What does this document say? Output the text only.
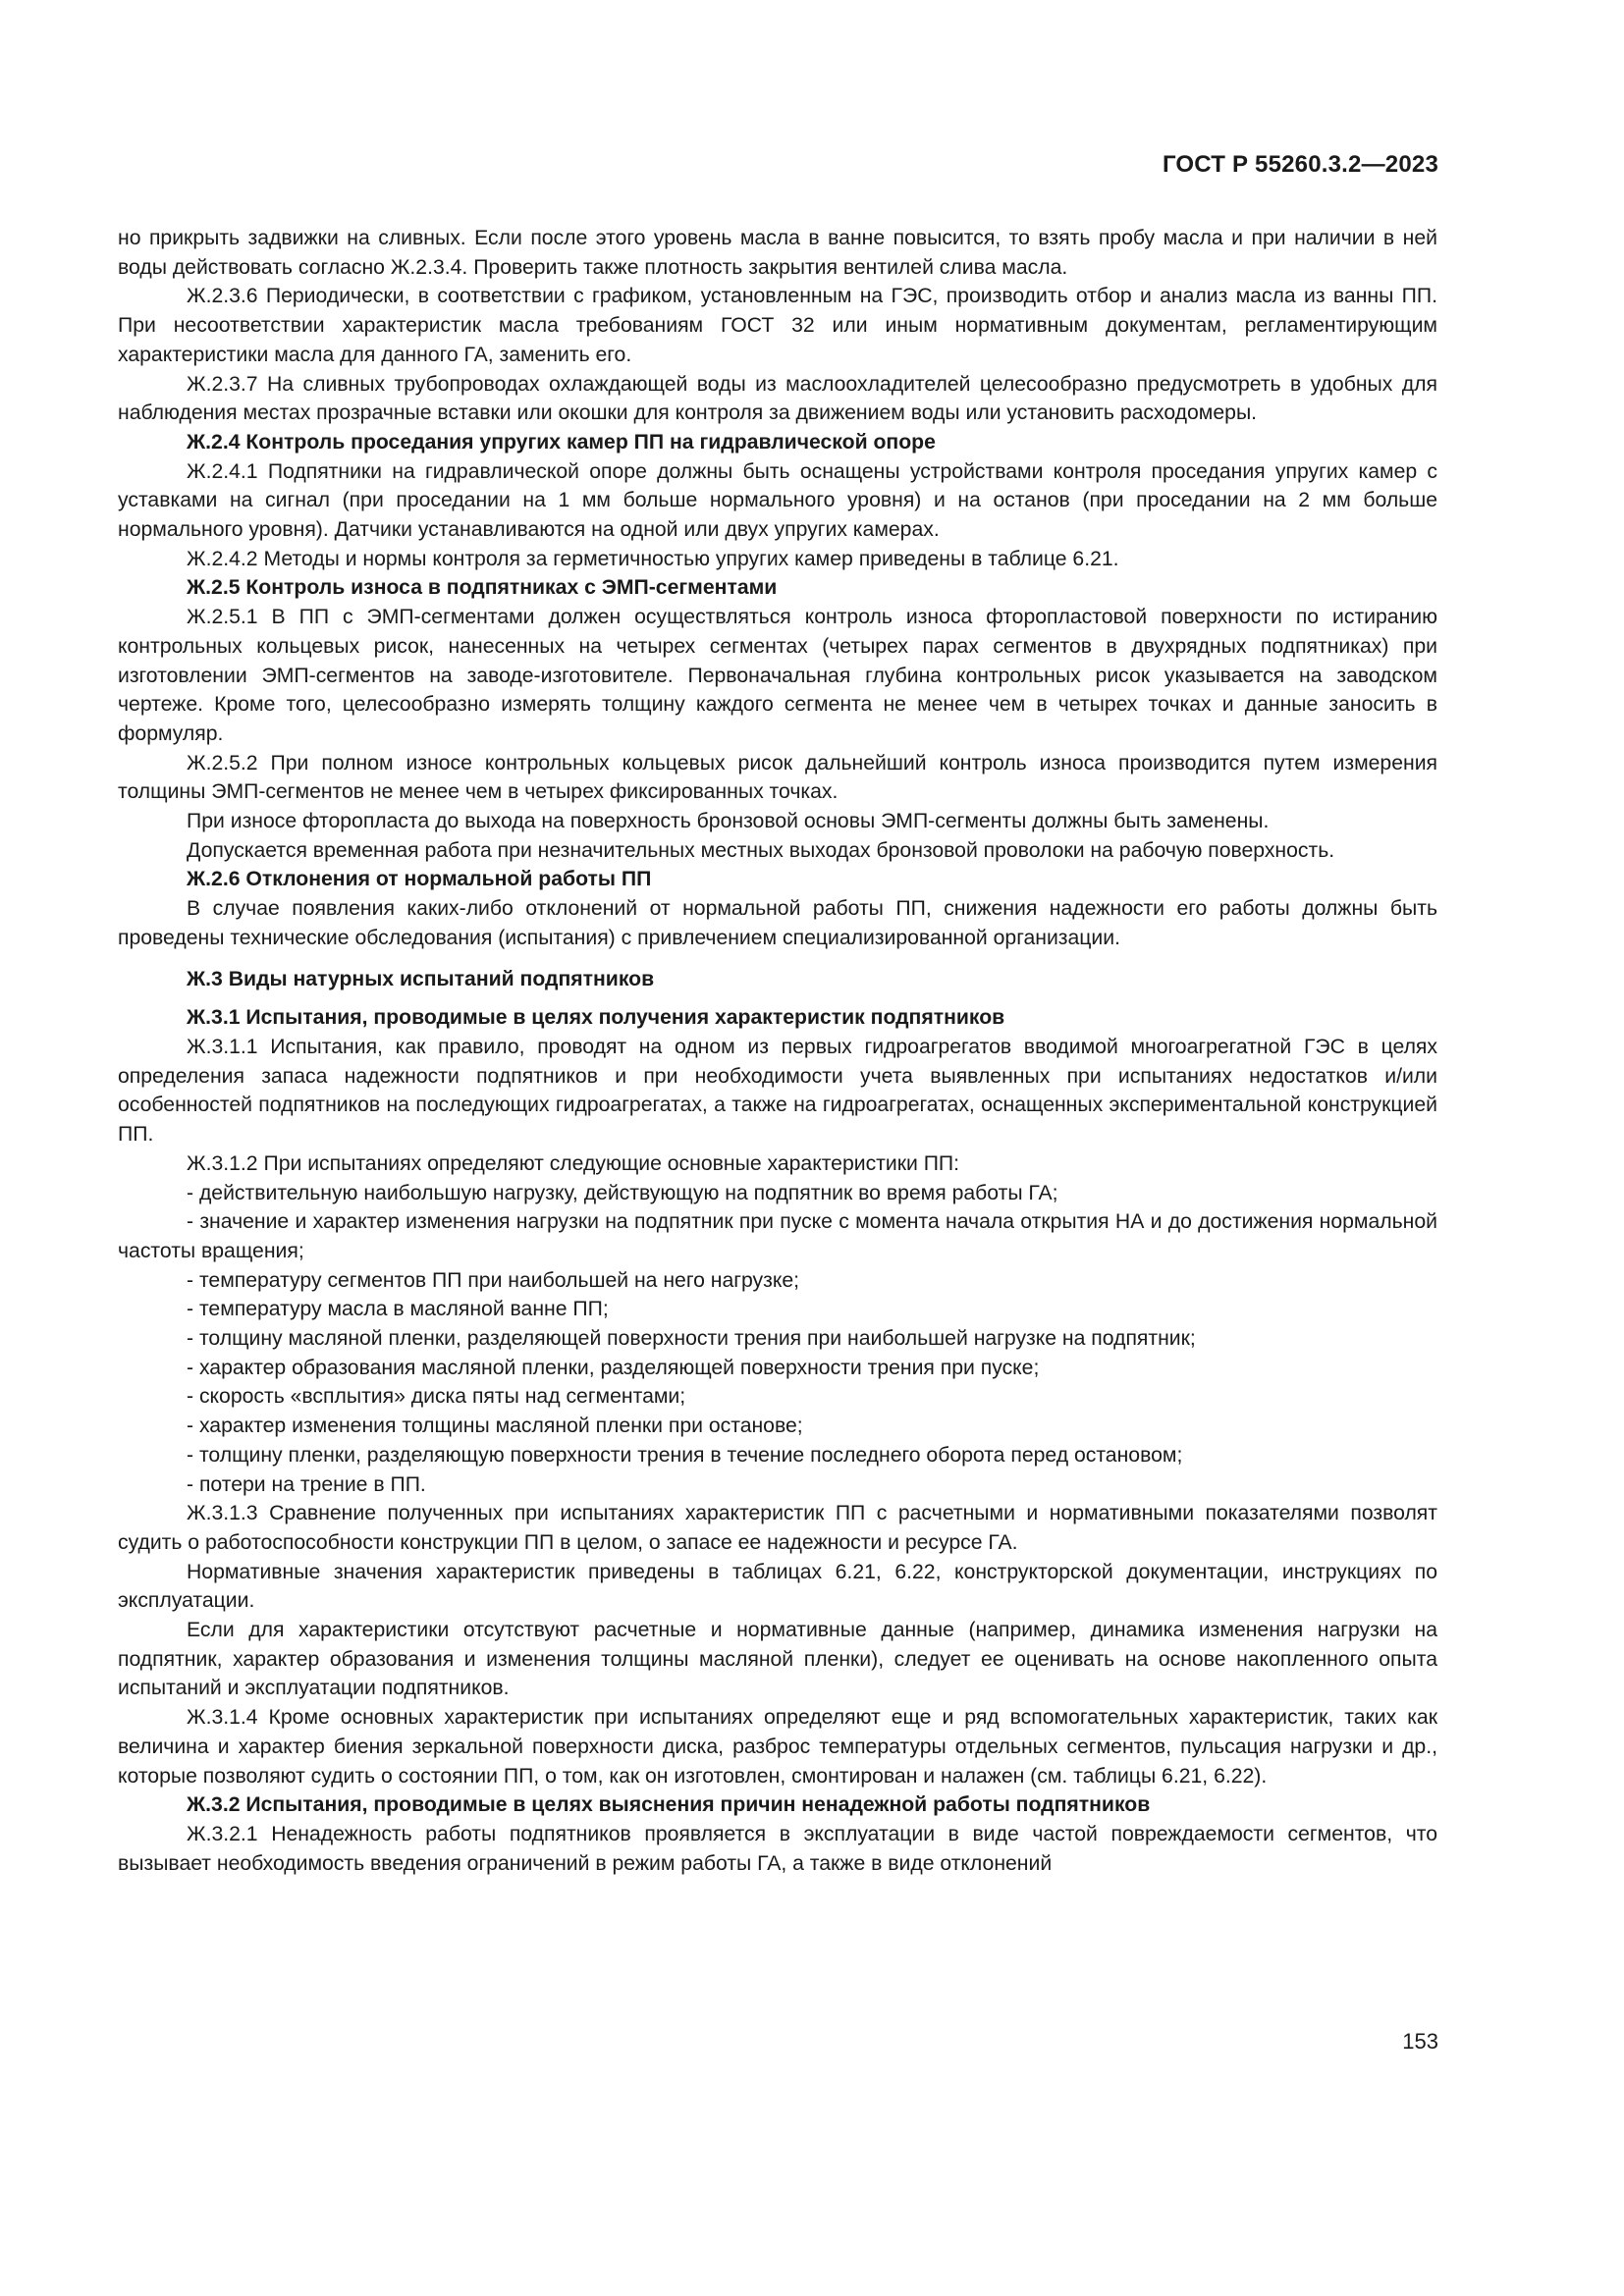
ГОСТ Р 55260.3.2—2023

но прикрыть задвижки на сливных. Если после этого уровень масла в ванне повысится, то взять пробу масла и при наличии в ней воды действовать согласно Ж.2.3.4. Проверить также плотность закрытия вентилей слива масла.

Ж.2.3.6 Периодически, в соответствии с графиком, установленным на ГЭС, производить отбор и анализ масла из ванны ПП. При несоответствии характеристик масла требованиям ГОСТ 32 или иным нормативным документам, регламентирующим характеристики масла для данного ГА, заменить его.

Ж.2.3.7 На сливных трубопроводах охлаждающей воды из маслоохладителей целесообразно предусмотреть в удобных для наблюдения местах прозрачные вставки или окошки для контроля за движением воды или установить расходомеры.

Ж.2.4 Контроль проседания упругих камер ПП на гидравлической опоре

Ж.2.4.1 Подпятники на гидравлической опоре должны быть оснащены устройствами контроля проседания упругих камер с уставками на сигнал (при проседании на 1 мм больше нормального уровня) и на останов (при проседании на 2 мм больше нормального уровня). Датчики устанавливаются на одной или двух упругих камерах.

Ж.2.4.2 Методы и нормы контроля за герметичностью упругих камер приведены в таблице 6.21.

Ж.2.5 Контроль износа в подпятниках с ЭМП-сегментами

Ж.2.5.1 В ПП с ЭМП-сегментами должен осуществляться контроль износа фторопластовой поверхности по истиранию контрольных кольцевых рисок, нанесенных на четырех сегментах (четырех парах сегментов в двухрядных подпятниках) при изготовлении ЭМП-сегментов на заводе-изготовителе. Первоначальная глубина контрольных рисок указывается на заводском чертеже. Кроме того, целесообразно измерять толщину каждого сегмента не менее чем в четырех точках и данные заносить в формуляр.

Ж.2.5.2 При полном износе контрольных кольцевых рисок дальнейший контроль износа производится путем измерения толщины ЭМП-сегментов не менее чем в четырех фиксированных точках.

При износе фторопласта до выхода на поверхность бронзовой основы ЭМП-сегменты должны быть заменены.

Допускается временная работа при незначительных местных выходах бронзовой проволоки на рабочую поверхность.

Ж.2.6 Отклонения от нормальной работы ПП

В случае появления каких-либо отклонений от нормальной работы ПП, снижения надежности его работы должны быть проведены технические обследования (испытания) с привлечением специализированной организации.

Ж.3 Виды натурных испытаний подпятников

Ж.3.1 Испытания, проводимые в целях получения характеристик подпятников

Ж.3.1.1 Испытания, как правило, проводят на одном из первых гидроагрегатов вводимой многоагрегатной ГЭС в целях определения запаса надежности подпятников и при необходимости учета выявленных при испытаниях недостатков и/или особенностей подпятников на последующих гидроагрегатах, а также на гидроагрегатах, оснащенных экспериментальной конструкцией ПП.

Ж.3.1.2 При испытаниях определяют следующие основные характеристики ПП:

- действительную наибольшую нагрузку, действующую на подпятник во время работы ГА;

- значение и характер изменения нагрузки на подпятник при пуске с момента начала открытия НА и до достижения нормальной частоты вращения;

- температуру сегментов ПП при наибольшей на него нагрузке;

- температуру масла в масляной ванне ПП;

- толщину масляной пленки, разделяющей поверхности трения при наибольшей нагрузке на подпятник;

- характер образования масляной пленки, разделяющей поверхности трения при пуске;

- скорость «всплытия» диска пяты над сегментами;

- характер изменения толщины масляной пленки при останове;

- толщину пленки, разделяющую поверхности трения в течение последнего оборота перед остановом;

- потери на трение в ПП.

Ж.3.1.3 Сравнение полученных при испытаниях характеристик ПП с расчетными и нормативными показателями позволят судить о работоспособности конструкции ПП в целом, о запасе ее надежности и ресурсе ГА.

Нормативные значения характеристик приведены в таблицах 6.21, 6.22, конструкторской документации, инструкциях по эксплуатации.

Если для характеристики отсутствуют расчетные и нормативные данные (например, динамика изменения нагрузки на подпятник, характер образования и изменения толщины масляной пленки), следует ее оценивать на основе накопленного опыта испытаний и эксплуатации подпятников.

Ж.3.1.4 Кроме основных характеристик при испытаниях определяют еще и ряд вспомогательных характеристик, таких как величина и характер биения зеркальной поверхности диска, разброс температуры отдельных сегментов, пульсация нагрузки и др., которые позволяют судить о состоянии ПП, о том, как он изготовлен, смонтирован и налажен (см. таблицы 6.21, 6.22).

Ж.3.2 Испытания, проводимые в целях выяснения причин ненадежной работы подпятников

Ж.3.2.1 Ненадежность работы подпятников проявляется в эксплуатации в виде частой повреждаемости сегментов, что вызывает необходимость введения ограничений в режим работы ГА, а также в виде отклонений

153
